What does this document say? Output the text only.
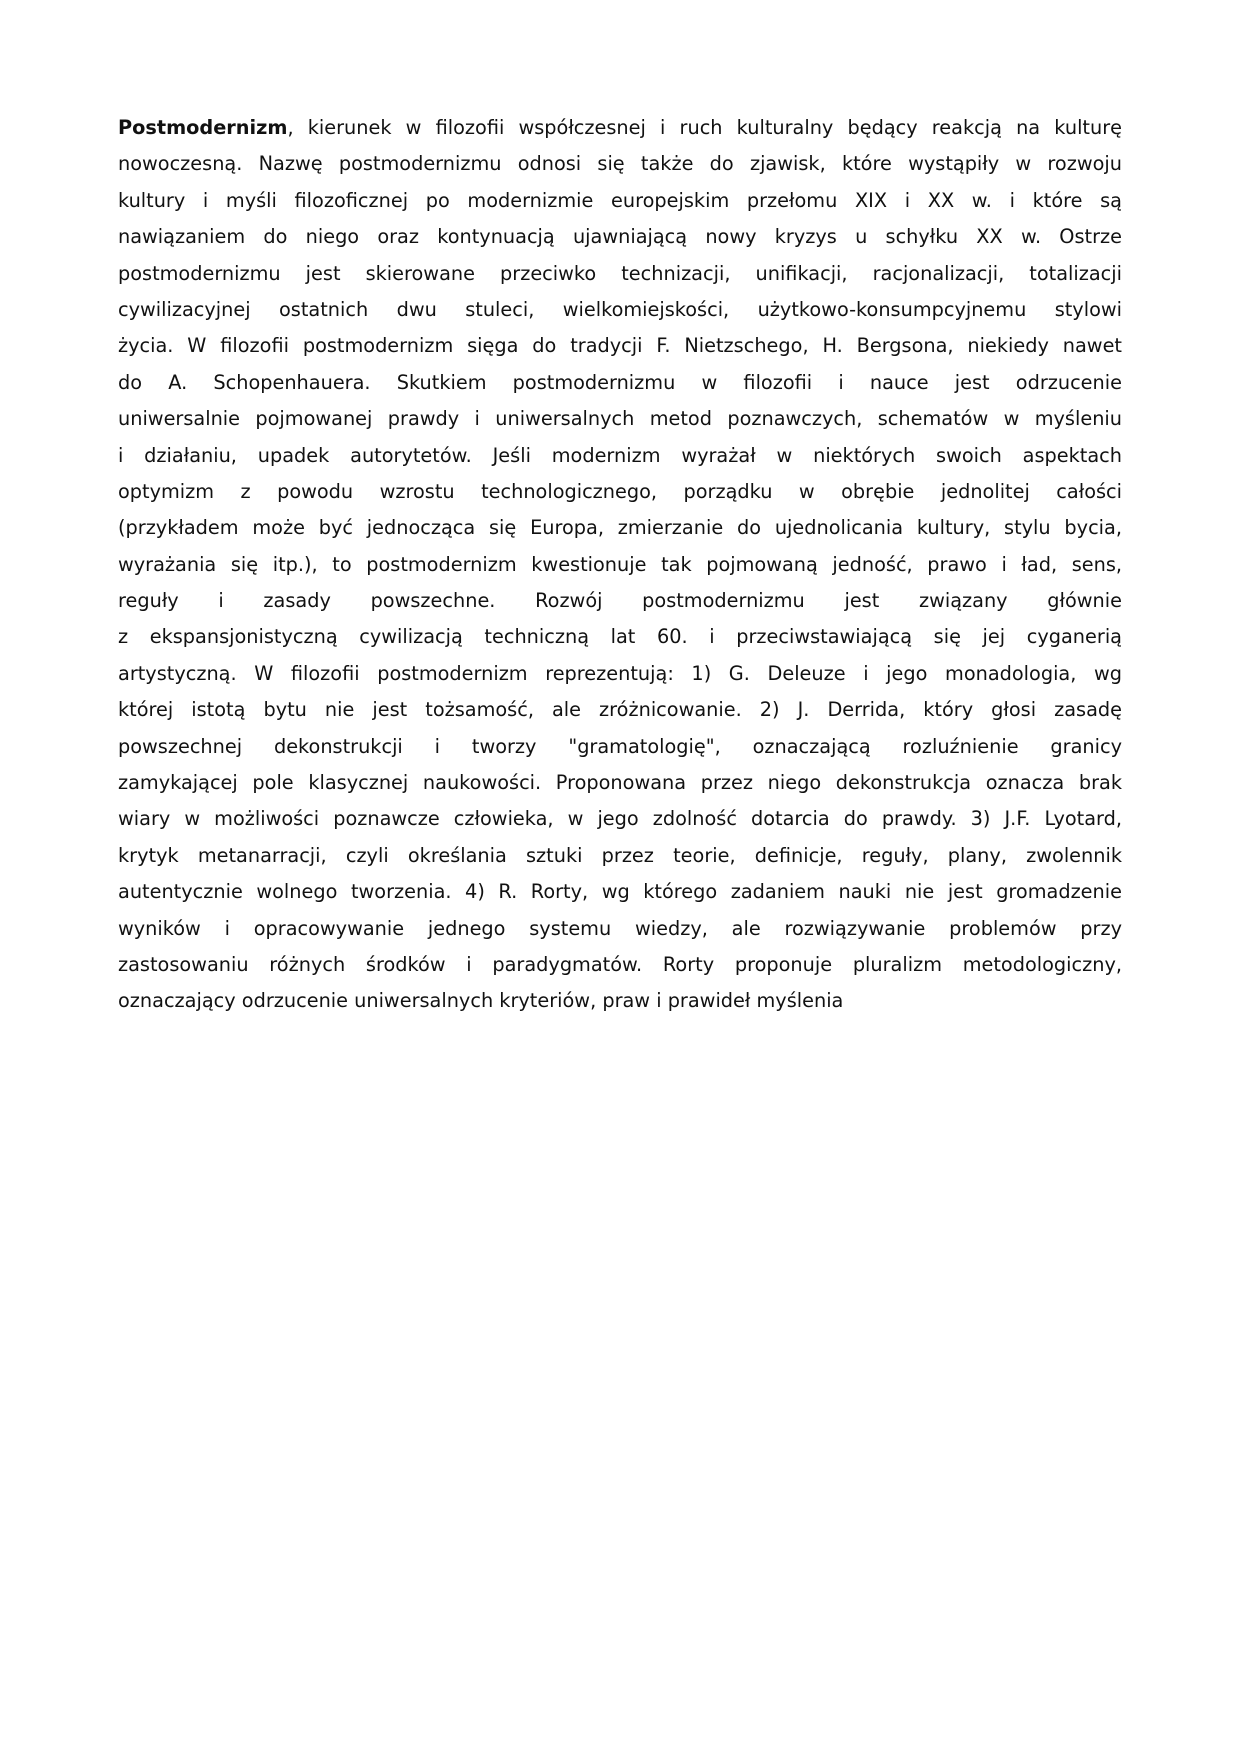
Postmodernizm, kierunek w filozofii współczesnej i ruch kulturalny będący reakcją na kulturę
nowoczesną. Nazwę postmodernizmu odnosi się także do zjawisk, które wystąpiły w rozwoju
kultury i myśli filozoficznej po modernizmie europejskim przełomu XIX i XX w. i które są
nawiązaniem do niego oraz kontynuacją ujawniającą nowy kryzys u schyłku XX w. Ostrze
postmodernizmu jest skierowane przeciwko technizacji, unifikacji, racjonalizacji, totalizacji
cywilizacyjnej ostatnich dwu stuleci, wielkomiejskości, użytkowo-konsumpcyjnemu stylowi
życia. W filozofii postmodernizm sięga do tradycji F. Nietzschego, H. Bergsona, niekiedy nawet
do A. Schopenhauera. Skutkiem postmodernizmu w filozofii i nauce jest odrzucenie
uniwersalnie pojmowanej prawdy i uniwersalnych metod poznawczych, schematów w myśleniu
i działaniu, upadek autorytetów. Jeśli modernizm wyrażał w niektórych swoich aspektach
optymizm z powodu wzrostu technologicznego, porządku w obrębie jednolitej całości
(przykładem może być jednocząca się Europa, zmierzanie do ujednolicania kultury, stylu bycia,
wyrażania się itp.), to postmodernizm kwestionuje tak pojmowaną jedność, prawo i ład, sens,
reguły i zasady powszechne. Rozwój postmodernizmu jest związany głównie
z ekspansjonistyczną cywilizacją techniczną lat 60. i przeciwstawiającą się jej cyganerią
artystyczną. W filozofii postmodernizm reprezentują: 1) G. Deleuze i jego monadologia, wg
której istotą bytu nie jest tożsamość, ale zróżnicowanie. 2) J. Derrida, który głosi zasadę
powszechnej dekonstrukcji i tworzy "gramatologię", oznaczającą rozluźnienie granicy
zamykającej pole klasycznej naukowości. Proponowana przez niego dekonstrukcja oznacza brak
wiary w możliwości poznawcze człowieka, w jego zdolność dotarcia do prawdy. 3) J.F. Lyotard,
krytyk metanarracji, czyli określania sztuki przez teorie, definicje, reguły, plany, zwolennik
autentycznie wolnego tworzenia. 4) R. Rorty, wg którego zadaniem nauki nie jest gromadzenie
wyników i opracowywanie jednego systemu wiedzy, ale rozwiązywanie problemów przy
zastosowaniu różnych środków i paradygmatów. Rorty proponuje pluralizm metodologiczny,
oznaczający odrzucenie uniwersalnych kryteriów, praw i prawideł myślenia
